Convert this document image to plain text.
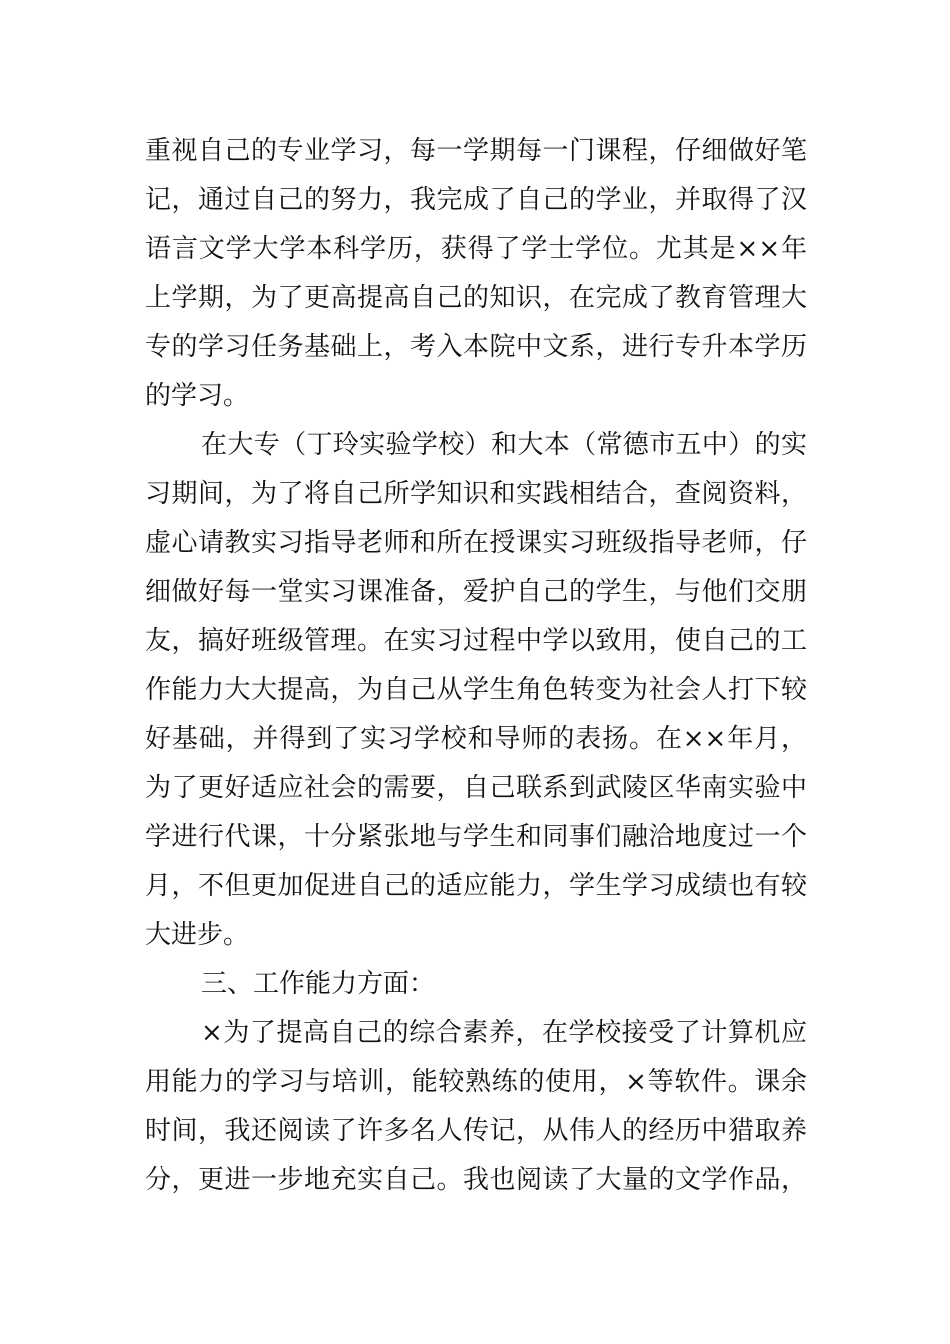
重视自己的专业学习，每一学期每一门课程，仔细做好笔
记，通过自己的努力，我完成了自己的学业，并取得了汉
语言文学大学本科学历，获得了学士学位。尤其是××年
上学期，为了更高提高自己的知识，在完成了教育管理大
专的学习任务基础上，考入本院中文系，进行专升本学历
的学习。
在大专（丁玲实验学校）和大本（常德市五中）的实
习期间，为了将自己所学知识和实践相结合，查阅资料，
虚心请教实习指导老师和所在授课实习班级指导老师，仔
细做好每一堂实习课准备，爱护自己的学生，与他们交朋
友，搞好班级管理。在实习过程中学以致用，使自己的工
作能力大大提高，为自己从学生角色转变为社会人打下较
好基础，并得到了实习学校和导师的表扬。在××年月，
为了更好适应社会的需要，自己联系到武陵区华南实验中
学进行代课，十分紧张地与学生和同事们融洽地度过一个
月，不但更加促进自己的适应能力，学生学习成绩也有较
大进步。
三、工作能力方面：
×为了提高自己的综合素养，在学校接受了计算机应
用能力的学习与培训，能较熟练的使用，×等软件。课余
时间，我还阅读了许多名人传记，从伟人的经历中猎取养
分，更进一步地充实自己。我也阅读了大量的文学作品，
